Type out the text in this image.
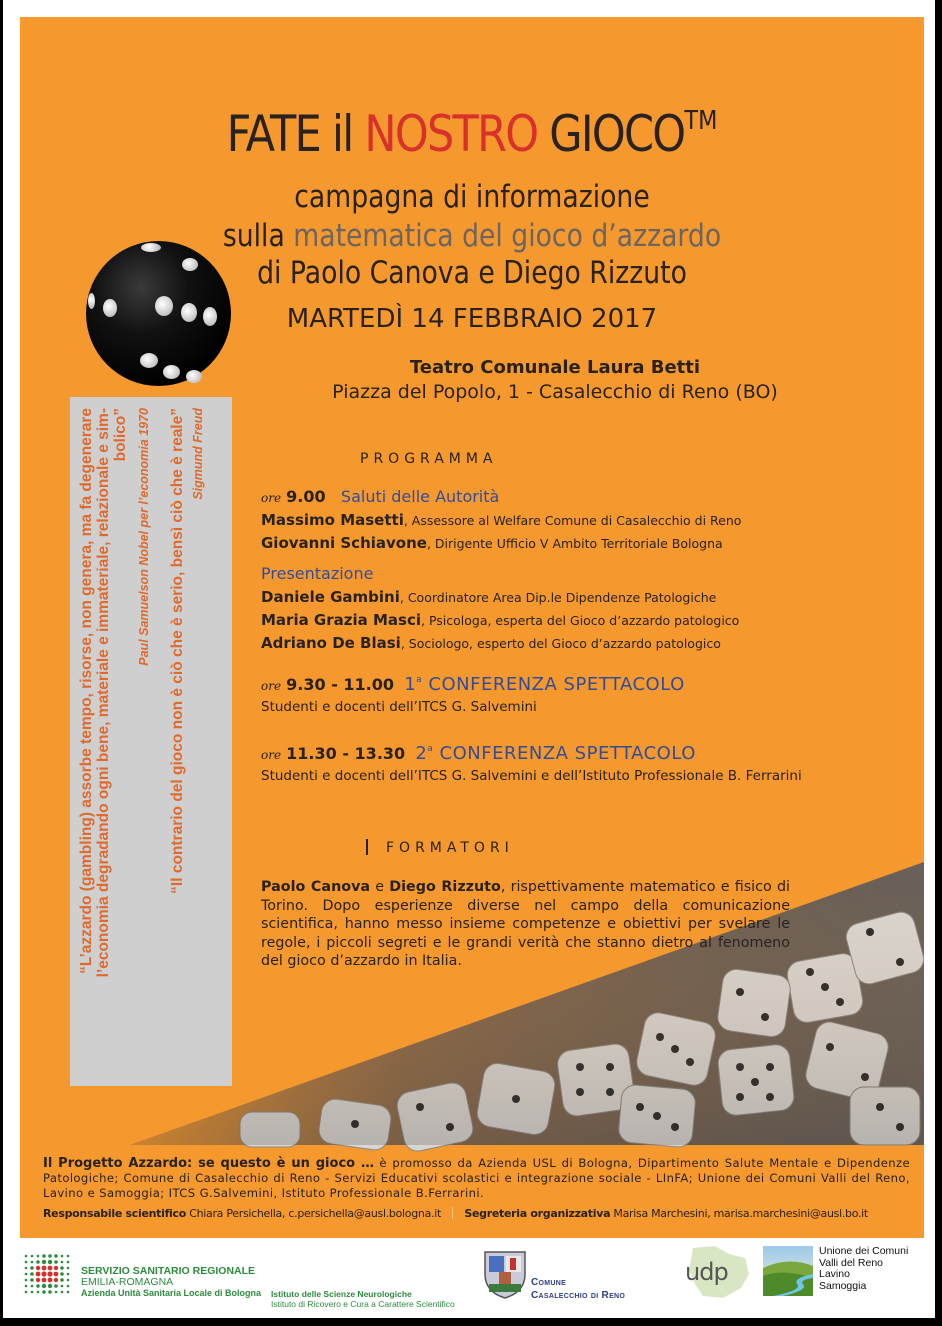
FATE il NOSTRO GIOCO™
campagna di informazione
sulla matematica del gioco d’azzardo
di Paolo Canova e Diego Rizzuto
MARTEDÌ 14 FEBBRAIO 2017
Teatro Comunale Laura Betti
Piazza del Popolo, 1 - Casalecchio di Reno (BO)
“L’azzardo (gambling) assorbe tempo, risorse, non genera, ma fa degenerare l’economia degradando ogni bene, materiale e immateriale, relazionale e sim- bolico” Paul Samuelson Nobel per l’economia 1970 “Il contrario del gioco non è ciò che è serio, bensì ciò che è reale” Sigmund Freud	PROGRAMMA
ore 9.00 Saluti delle Autorità
Massimo Masetti, Assessore al Welfare Comune di Casalecchio di Reno
Giovanni Schiavone, Dirigente Ufficio V Ambito Territoriale Bologna
Presentazione
Daniele Gambini, Coordinatore Area Dip.le Dipendenze Patologiche
Maria Grazia Masci, Psicologa, esperta del Gioco d’azzardo patologico
Adriano De Blasi, Sociologo, esperto del Gioco d’azzardo patologico
ore 9.30 - 11.00 1$^a$ CONFERENZA SPETTACOLO
Studenti e docenti dell’ITCS G. Salvemini
ore 11.30 - 13.30 2$^a$ CONFERENZA SPETTACOLO
Studenti e docenti dell’ITCS G. Salvemini e dell’Istituto Professionale B. Ferrarini
FORMATORI
Paolo Canova e Diego Rizzuto, rispettivamente matematico e fisico di Torino. Dopo esperienze diverse nel campo della comunicazione scientifica, hanno messo insieme competenze e obiettivi per svelare le regole, i piccoli segreti e le grandi verità che stanno dietro al fenomeno del gioco d’azzardo in Italia.
Il Progetto Azzardo: se questo è un gioco … è promosso da Azienda USL di Bologna, Dipartimento Salute Mentale e Dipendenze Patologiche; Comune di Casalecchio di Reno - Servizi Educativi scolastici e integrazione sociale - LInFA; Unione dei Comuni Valli del Reno, Lavino e Samoggia; ITCS G.Salvemini, Istituto Professionale B.Ferrarini.
Responsabile scientifico Chiara Persichella, c.persichella@ausl.bologna.it Segreteria organizzativa Marisa Marchesini, marisa.marchesini@ausl.bo.it
SERVIZIO SANITARIO REGIONALE
EMILIA-ROMAGNA
Azienda Unità Sanitaria Locale di Bologna	Istituto delle Scienze Neurologiche
Istituto di Ricovero e Cura a Carattere Scientifico
Comune
Casalecchio di Reno
udp
Unione dei Comuni
Valli del Reno
Lavino
Samoggia
